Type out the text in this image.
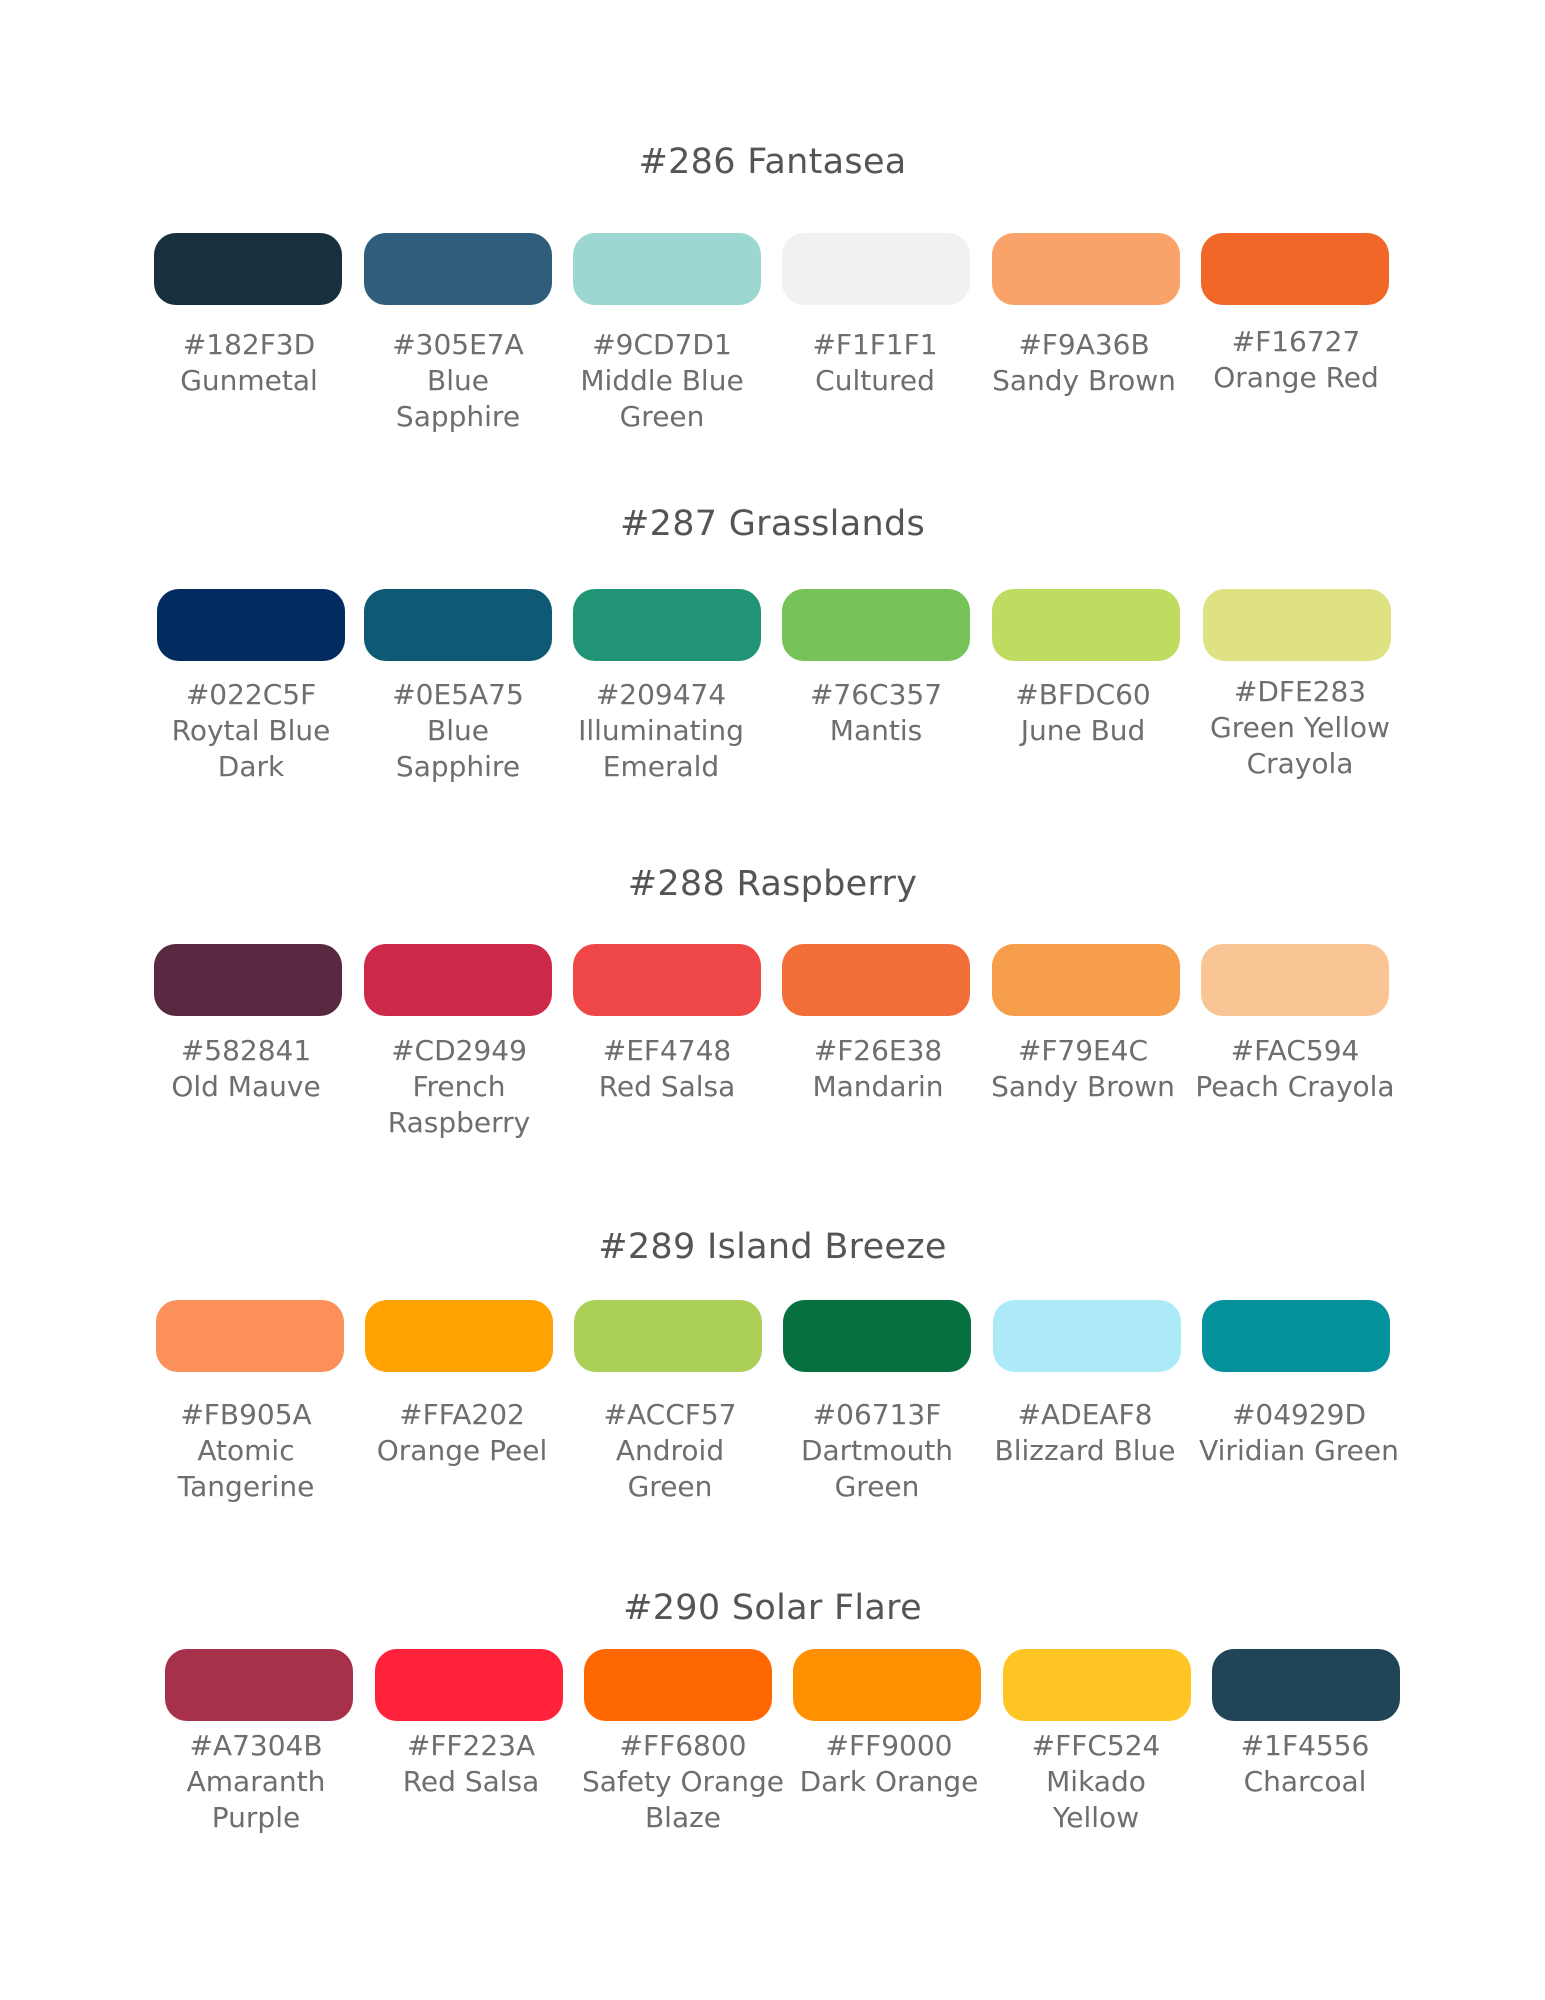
#286 Fantasea
#182F3D
Gunmetal
#305E7A
Blue
Sapphire
#9CD7D1
Middle Blue
Green
#F1F1F1
Cultured
#F9A36B
Sandy Brown
#F16727
Orange Red
#287 Grasslands
#022C5F
Roytal Blue
Dark
#0E5A75
Blue
Sapphire
#209474
Illuminating
Emerald
#76C357
Mantis
#BFDC60
June Bud
#DFE283
Green Yellow
Crayola
#288 Raspberry
#582841
Old Mauve
#CD2949
French
Raspberry
#EF4748
Red Salsa
#F26E38
Mandarin
#F79E4C
Sandy Brown
#FAC594
Peach Crayola
#289 Island Breeze
#FB905A
Atomic
Tangerine
#FFA202
Orange Peel
#ACCF57
Android
Green
#06713F
Dartmouth
Green
#ADEAF8
Blizzard Blue
#04929D
Viridian Green
#290 Solar Flare
#A7304B
Amaranth
Purple
#FF223A
Red Salsa
#FF6800
Safety Orange
Blaze
#FF9000
Dark Orange
#FFC524
Mikado
Yellow
#1F4556
Charcoal
